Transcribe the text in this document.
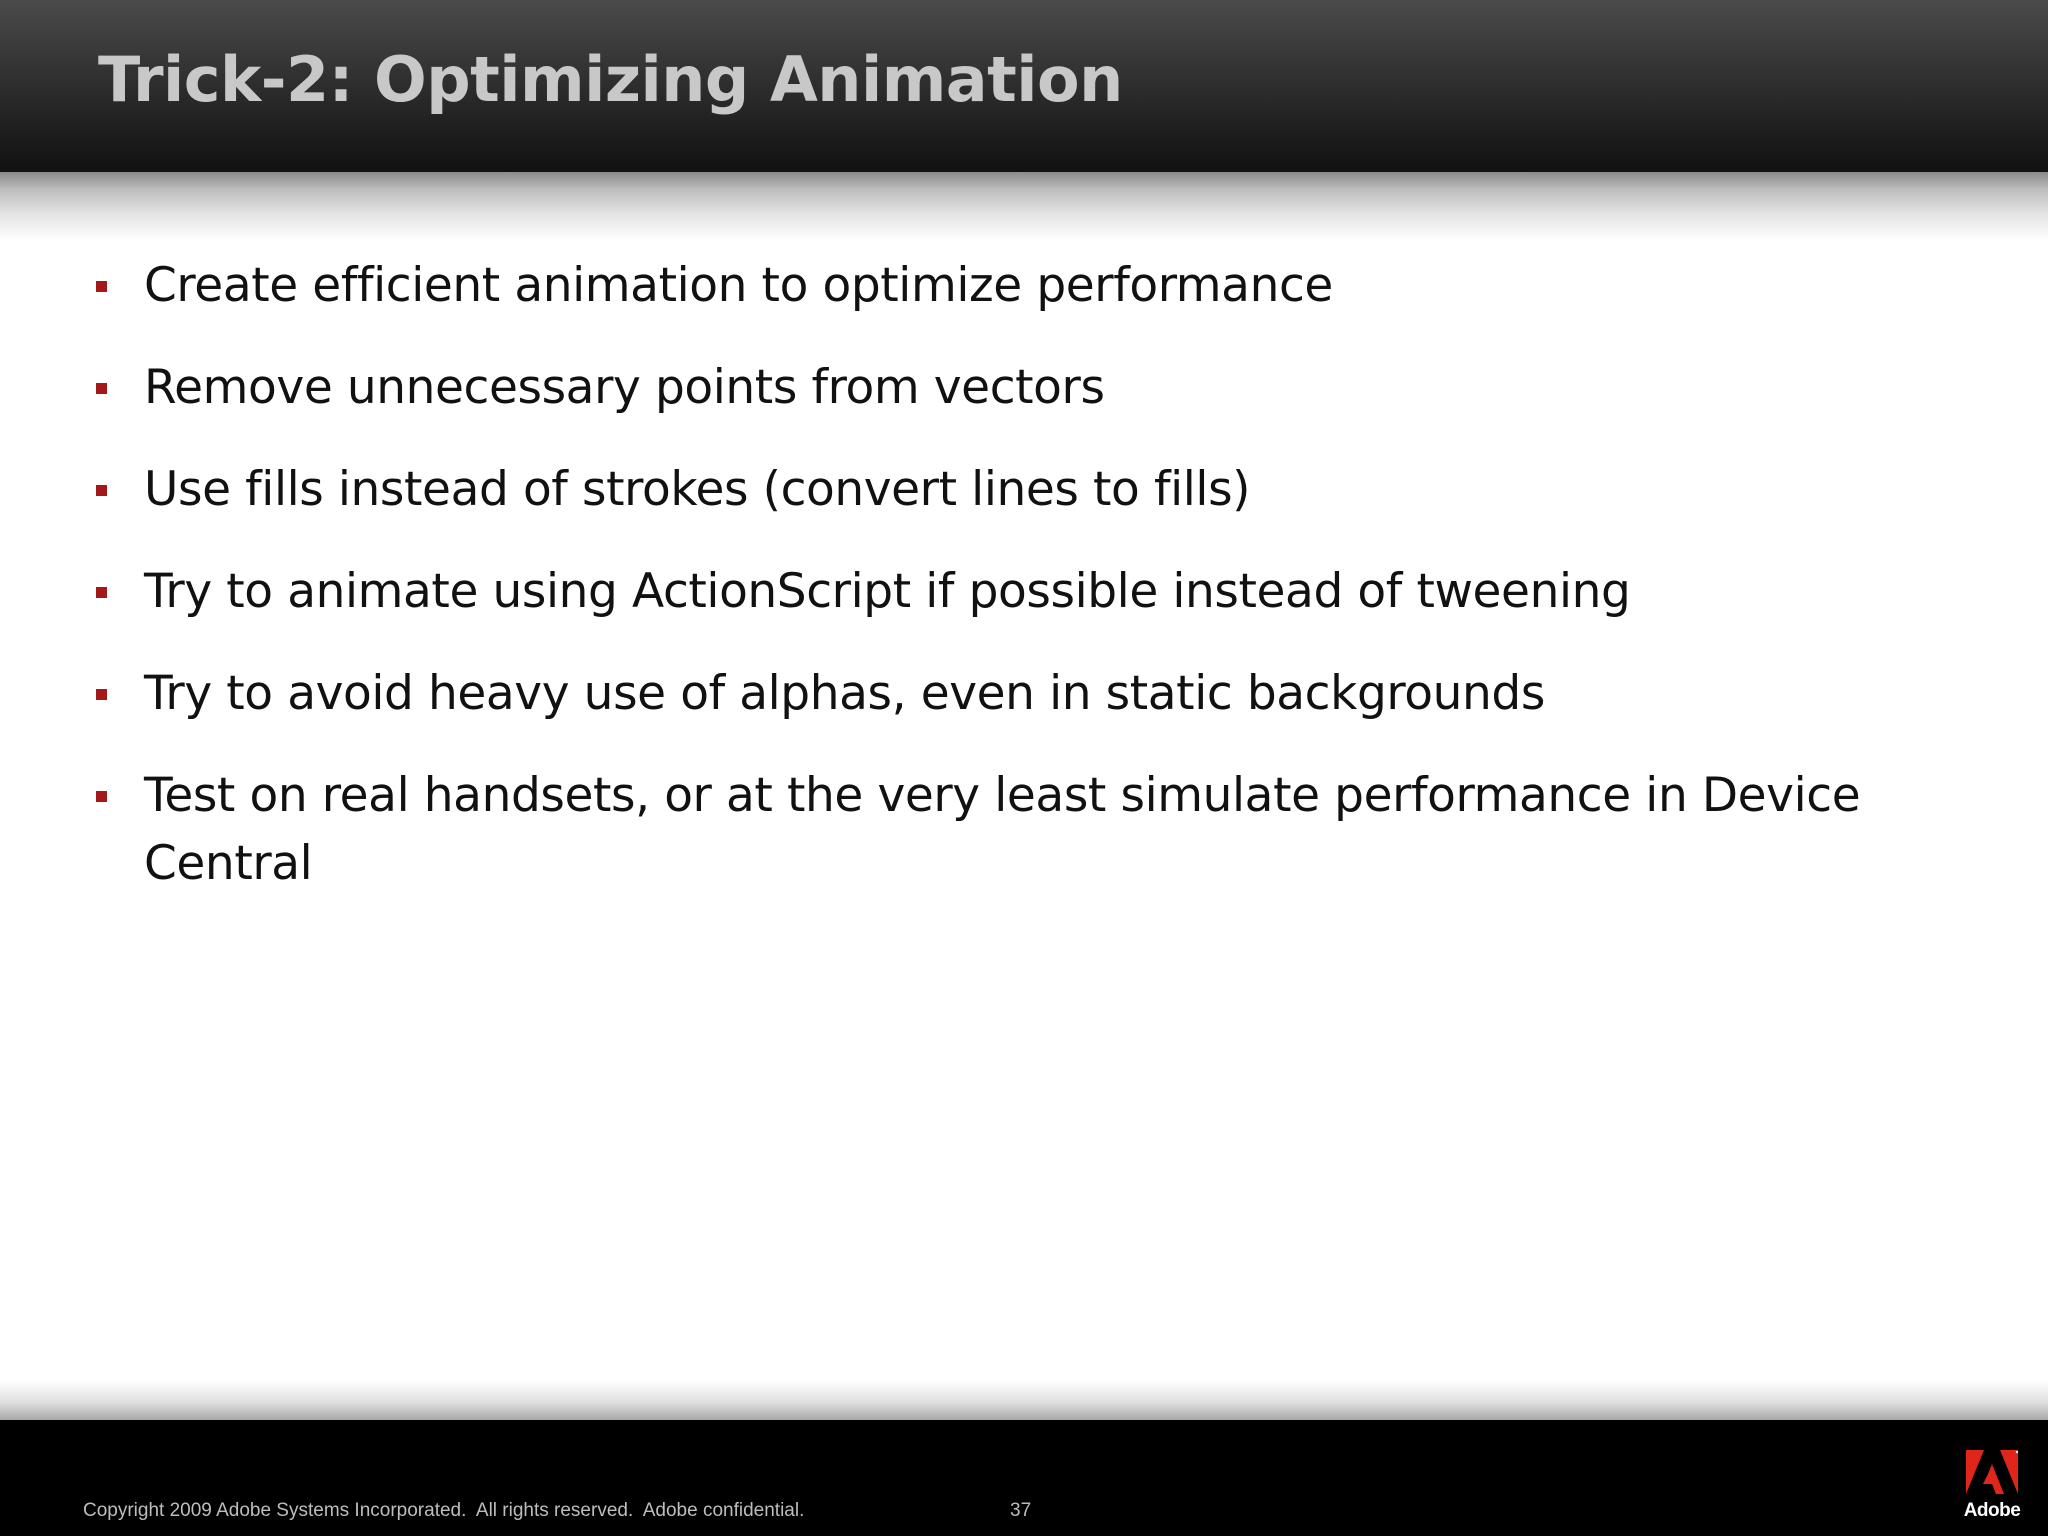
Trick-2: Optimizing Animation
Create efficient animation to optimize performance
Remove unnecessary points from vectors
Use fills instead of strokes (convert lines to fills)
Try to animate using ActionScript if possible instead of tweening
Try to avoid heavy use of alphas, even in static backgrounds
Test on real handsets, or at the very least simulate performance in Device Central
Copyright 2009 Adobe Systems Incorporated.  All rights reserved.  Adobe confidential.	37	Adobe
